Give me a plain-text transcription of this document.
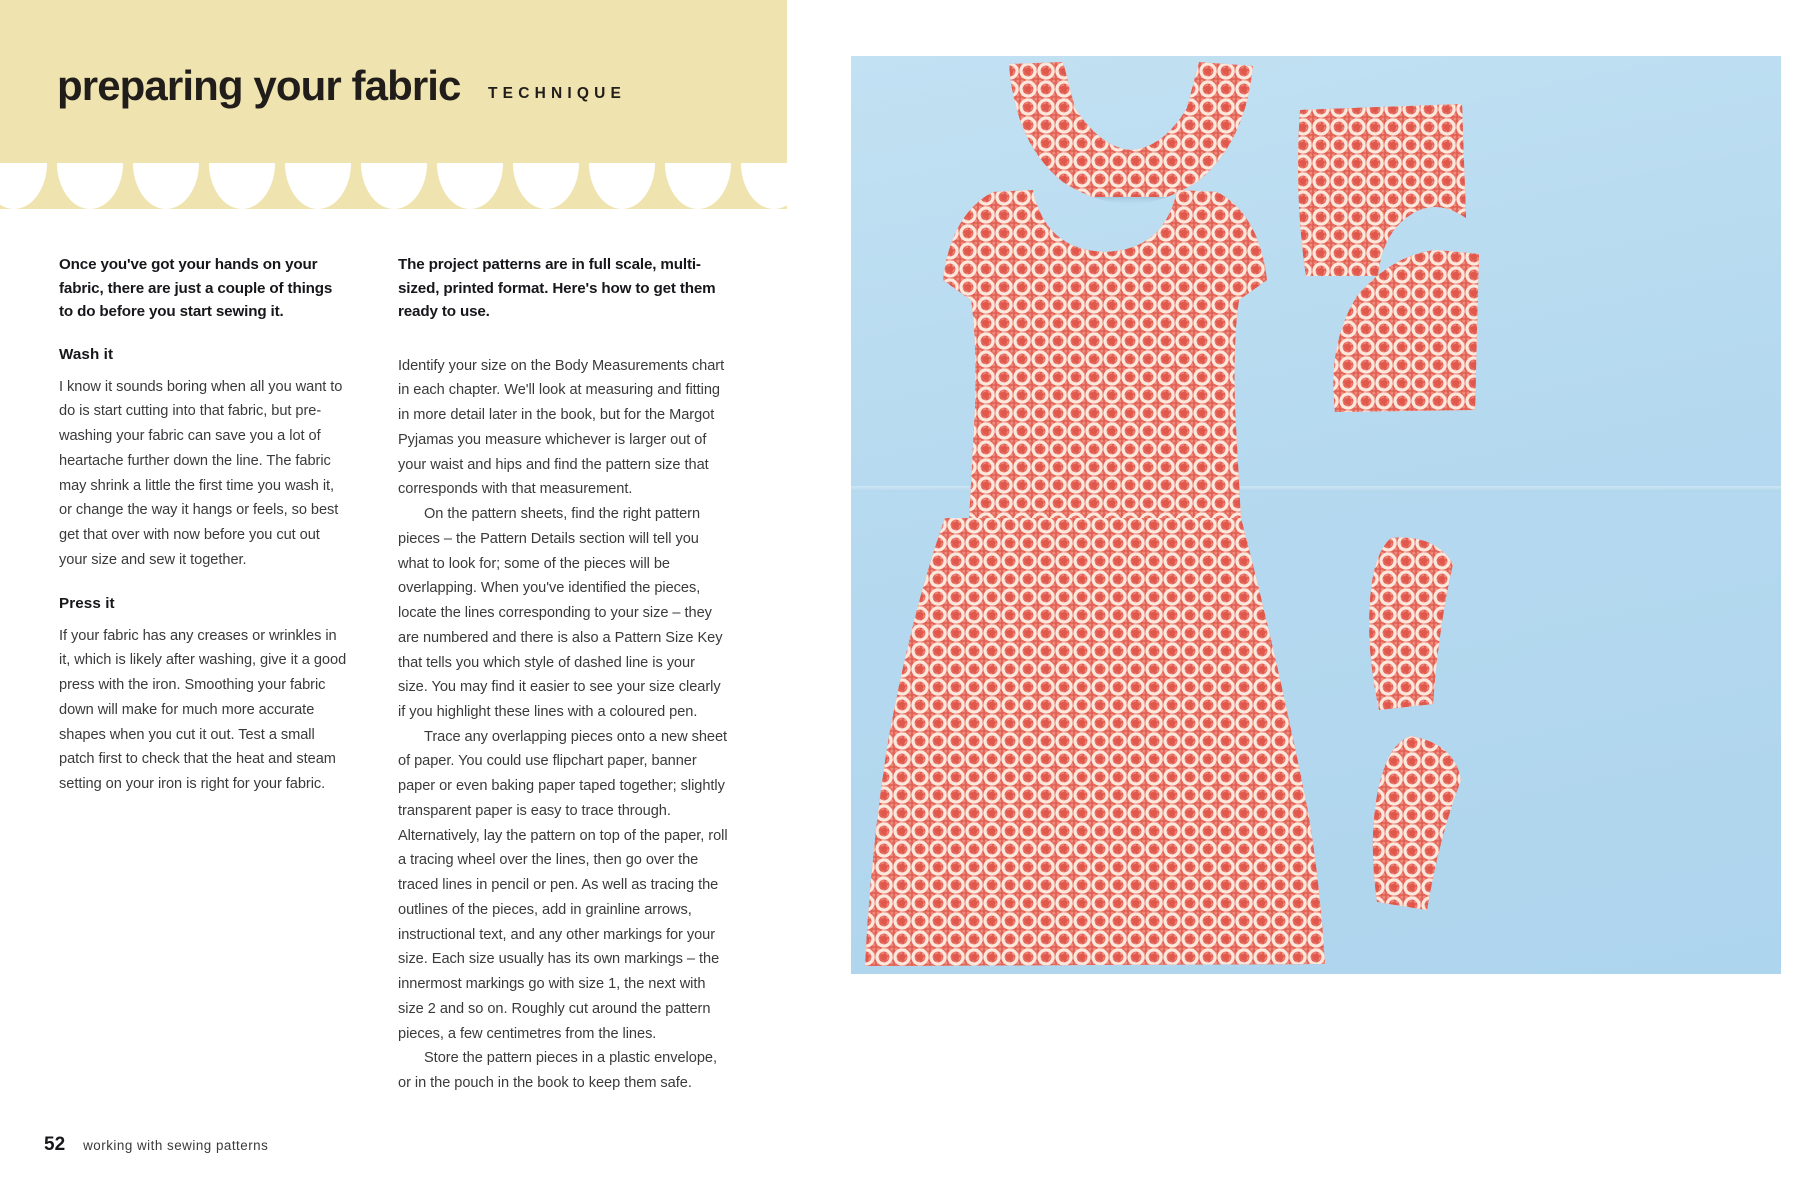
preparing your fabric TECHNIQUE

Once you've got your hands on your fabric, there are just a couple of things to do before you start sewing it.

Wash it

I know it sounds boring when all you want to do is start cutting into that fabric, but pre-washing your fabric can save you a lot of heartache further down the line. The fabric may shrink a little the first time you wash it, or change the way it hangs or feels, so best get that over with now before you cut out your size and sew it together.

Press it

If your fabric has any creases or wrinkles in it, which is likely after washing, give it a good press with the iron. Smoothing your fabric down will make for much more accurate shapes when you cut it out. Test a small patch first to check that the heat and steam setting on your iron is right for your fabric.

The project patterns are in full scale, multi-sized, printed format. Here's how to get them ready to use.

Identify your size on the Body Measurements chart in each chapter. We'll look at measuring and fitting in more detail later in the book, but for the Margot Pyjamas you measure whichever is larger out of your waist and hips and find the pattern size that corresponds with that measurement.

On the pattern sheets, find the right pattern pieces – the Pattern Details section will tell you what to look for; some of the pieces will be overlapping. When you've identified the pieces, locate the lines corresponding to your size – they are numbered and there is also a Pattern Size Key that tells you which style of dashed line is your size. You may find it easier to see your size clearly if you highlight these lines with a coloured pen.

Trace any overlapping pieces onto a new sheet of paper. You could use flipchart paper, banner paper or even baking paper taped together; slightly transparent paper is easy to trace through. Alternatively, lay the pattern on top of the paper, roll a tracing wheel over the lines, then go over the traced lines in pencil or pen. As well as tracing the outlines of the pieces, add in grainline arrows, instructional text, and any other markings for your size. Each size usually has its own markings – the innermost markings go with size 1, the next with size 2 and so on. Roughly cut around the pattern pieces, a few centimetres from the lines.

Store the pattern pieces in a plastic envelope, or in the pouch in the book to keep them safe.

52 working with sewing patterns
